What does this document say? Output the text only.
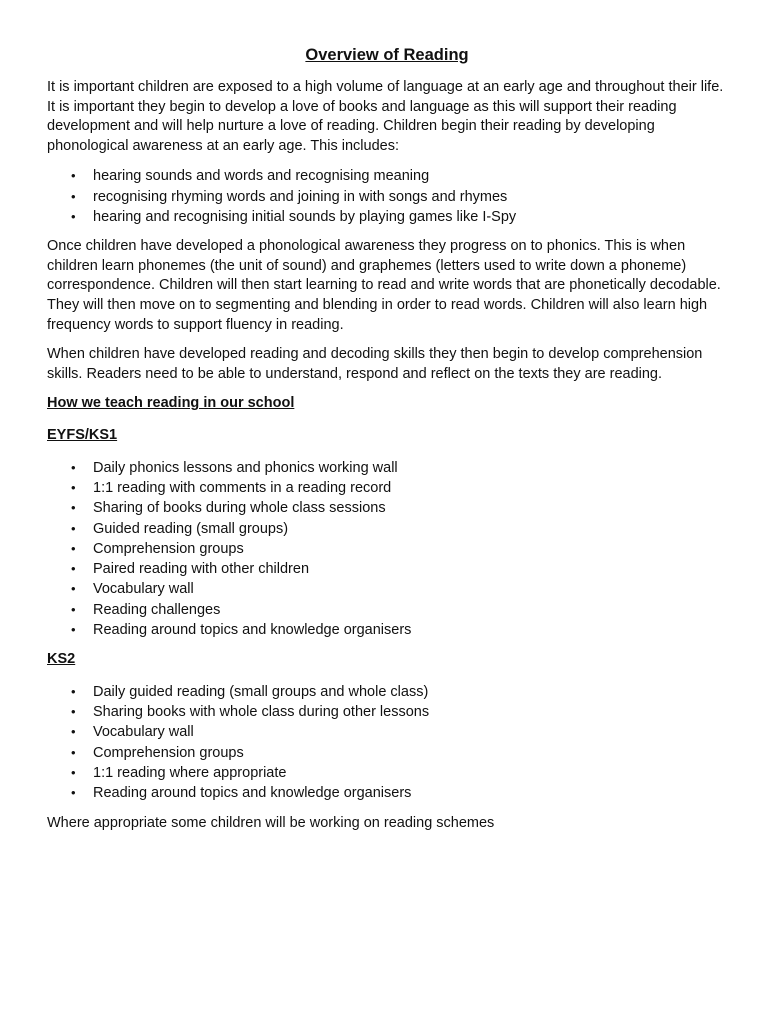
Overview of Reading

It is important children are exposed to a high volume of language at an early age and throughout their life. It is important they begin to develop a love of books and language as this will support their reading development and will help nurture a love of reading. Children begin their reading by developing phonological awareness at an early age. This includes:

• hearing sounds and words and recognising meaning
• recognising rhyming words and joining in with songs and rhymes
• hearing and recognising initial sounds by playing games like I-Spy

Once children have developed a phonological awareness they progress on to phonics. This is when children learn phonemes (the unit of sound) and graphemes (letters used to write down a phoneme) correspondence. Children will then start learning to read and write words that are phonetically decodable. They will then move on to segmenting and blending in order to read words. Children will also learn high frequency words to support fluency in reading.

When children have developed reading and decoding skills they then begin to develop comprehension skills. Readers need to be able to understand, respond and reflect on the texts they are reading.

How we teach reading in our school
EYFS/KS1
• Daily phonics lessons and phonics working wall
• 1:1 reading with comments in a reading record
• Sharing of books during whole class sessions
• Guided reading (small groups)
• Comprehension groups
• Paired reading with other children
• Vocabulary wall
• Reading challenges
• Reading around topics and knowledge organisers
KS2
• Daily guided reading (small groups and whole class)
• Sharing books with whole class during other lessons
• Vocabulary wall
• Comprehension groups
• 1:1 reading where appropriate
• Reading around topics and knowledge organisers

Where appropriate some children will be working on reading schemes
